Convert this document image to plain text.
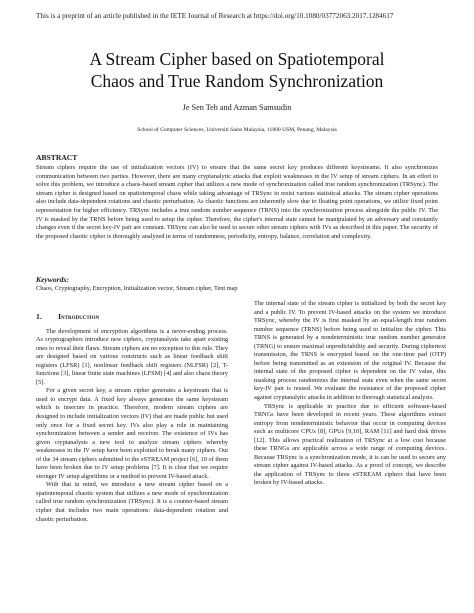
This is a preprint of an article published in the IETE Journal of Research at https://doi.org/10.1080/03772063.2017.1284617
A Stream Cipher based on Spatiotemporal
Chaos and True Random Synchronization
Je Sen Teh and Azman Samsudin
School of Computer Sciences, Universiti Sains Malaysia, 11800 USM, Penang, Malaysia
ABSTRACT
Stream ciphers require the use of initialization vectors (IV) to ensure that the same secret key produces different keystreams. It also synchronizes communication between two parties. However, there are many cryptanalytic attacks that exploit weaknesses in the IV setup of stream ciphers. In an effort to solve this problem, we introduce a chaos-based stream cipher that utilizes a new mode of synchronization called true random synchronization (TRSync). The stream cipher is designed based on spatiotemporal chaos while taking advantage of TRSync to resist various statistical attacks. The stream cipher operations also include data-dependent rotations and chaotic perturbation. As chaotic functions are inherently slow due to floating point operations, we utilize fixed point representation for higher efficiency. TRSync includes a true random number sequence (TRNS) into the synchronization process alongside the public IV. The IV is masked by the TRNS before being used to setup the cipher. Therefore, the cipher's internal state cannot be manipulated by an adversary and constantly changes even if the secret key-IV pair are constant. TRSync can also be used to secure other stream ciphers with IVs as described in this paper. The security of the proposed chaotic cipher is thoroughly analyzed in terms of randomness, periodicity, entropy, balance, correlation and complexity.
Keywords:
Chaos, Cryptography, Encryption, Initialization vector, Stream cipher, Tent map
1. Introduction

The development of encryption algorithms is a never-ending process. As cryptographers introduce new ciphers, cryptanalysts take apart existing ones to reveal their flaws. Stream ciphers are no exception to this rule. They are designed based on various constructs such as linear feedback shift registers (LFSR) [1], nonlinear feedback shift registers (NLFSR) [2], T-functions [3], linear finite state machines (LFSM) [4] and also chaos theory [5].

For a given secret key, a stream cipher generates a keystream that is used to encrypt data. A fixed key always generates the same keystream which is insecure in practice. Therefore, modern stream ciphers are designed to include initialization vectors (IV) that are made public but used only once for a fixed secret key. IVs also play a role in maintaining synchronization between a sender and receiver. The existence of IVs has given cryptanalysts a new tool to analyze stream ciphers whereby weaknesses in the IV setup have been exploited to break many ciphers. Out of the 34 stream ciphers submitted to the eSTREAM project [6], 10 of them have been broken due to IV setup problems [7]. It is clear that we require stronger IV setup algorithms or a method to prevent IV-based attack.

With that in mind, we introduce a new stream cipher based on a spatiotemporal chaotic system that utilizes a new mode of synchronization called true random synchronization (TRSync). It is a counter-based stream cipher that includes two main operations: data-dependent rotation and chaotic perturbation.

The internal state of the stream cipher is initialized by both the secret key and a public IV. To prevent IV-based attacks on the system we introduce TRSync, whereby the IV is first masked by an equal-length true random number sequence (TRNS) before being used to initialize the cipher. This TRNS is generated by a nondeterministic true random number generator (TRNG) to ensure maximal unpredictability and security. During ciphertext transmission, the TRNS is encrypted based on the one-time pad (OTP) before being transmitted as an extension of the original IV. Because the internal state of the proposed cipher is dependent on the IV value, this masking process randomizes the internal state even when the same secret key-IV pair is reused. We evaluate the resistance of the proposed cipher against cryptanalytic attacks in addition to thorough statistical analysis.

TRSync is applicable in practice due to efficient software-based TRNGs have been developed in recent years. These algorithms extract entropy from nondeterministic behavior that occur in computing devices such as multicore CPUs [8], GPUs [9,10], RAM [11] and hard disk drives [12]. This allows practical realization of TRSync at a low cost because these TRNGs are applicable across a wide range of computing devices. Because TRSync is a synchronization mode, it is can be used to secure any stream cipher against IV-based attacks. As a proof of concept, we describe the application of TRSync to three eSTREAM ciphers that have been broken by IV-based attacks.
